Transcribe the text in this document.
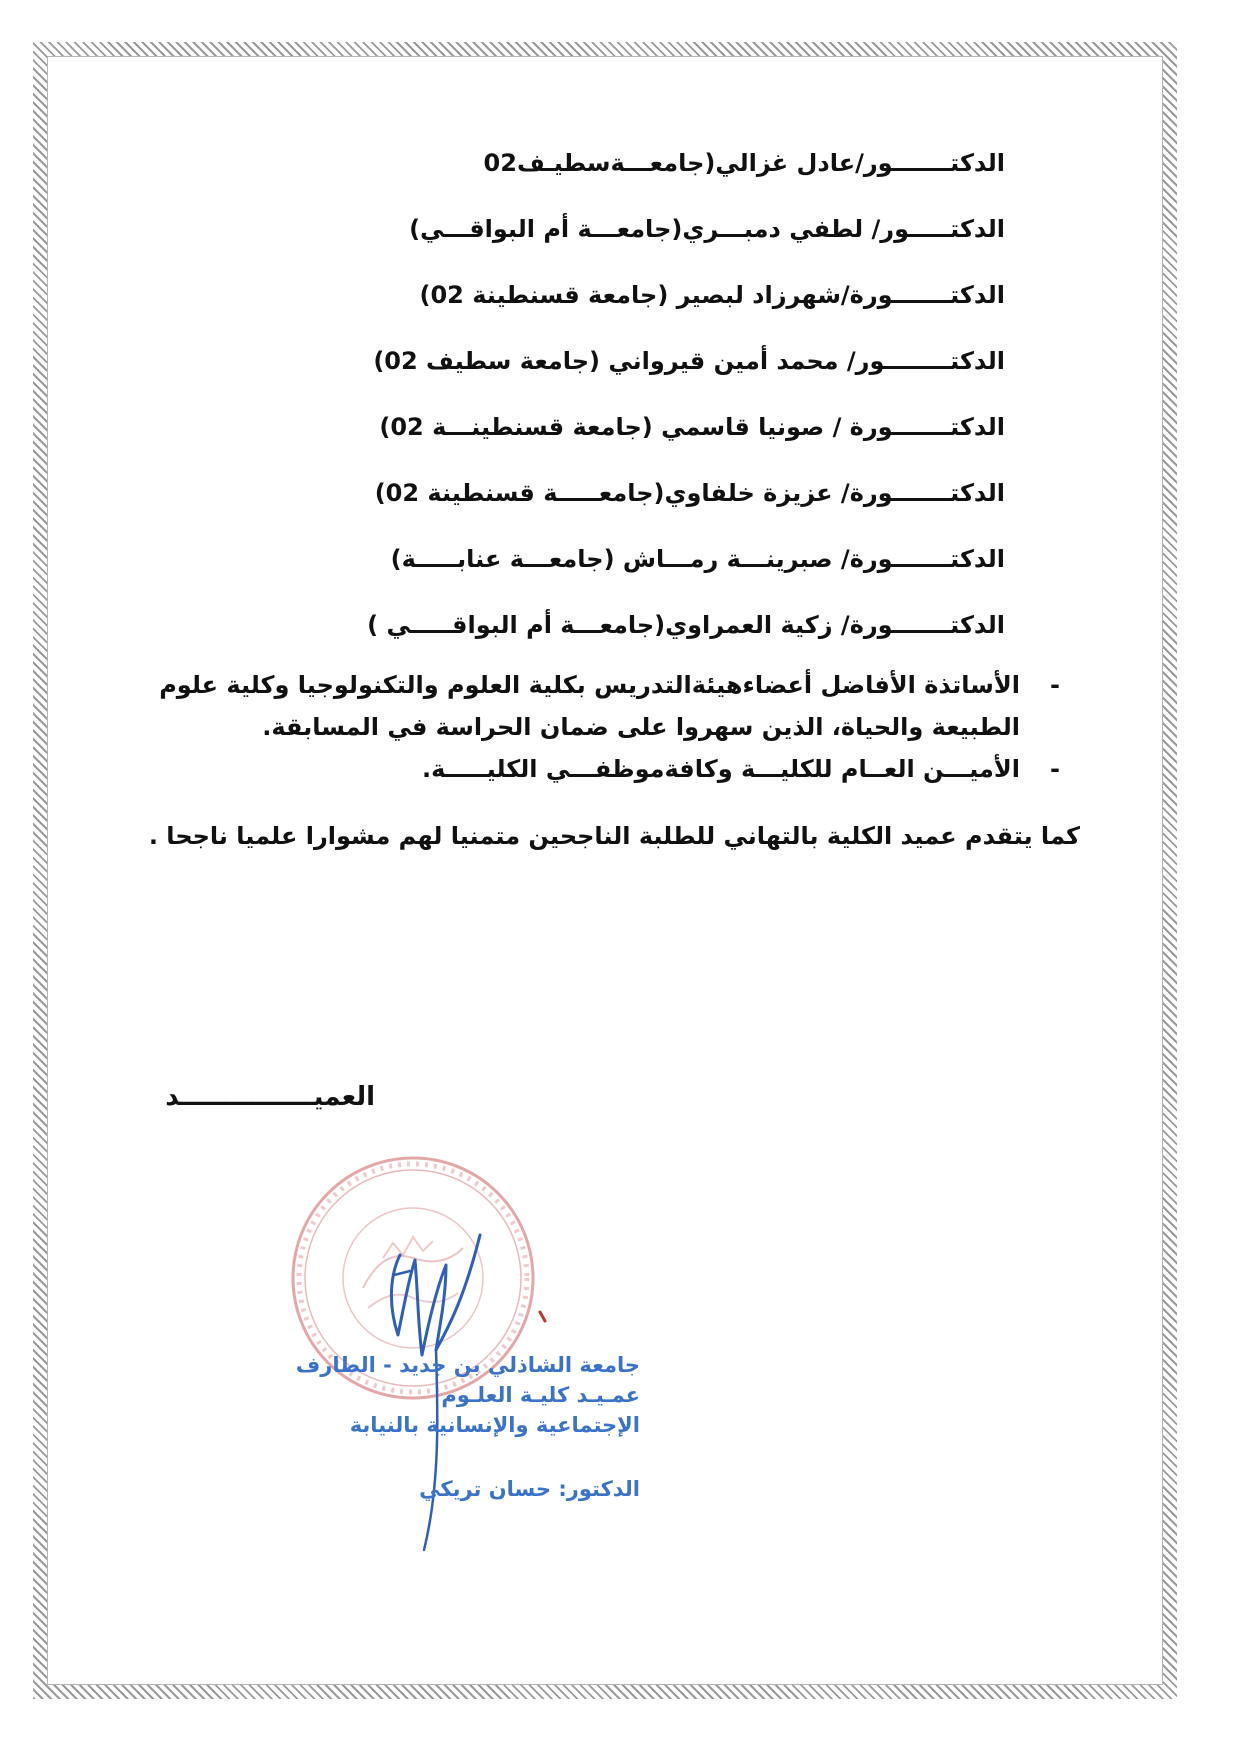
الدكتـــــــور/عادل غزالي(جامعـــةسطيـف02
الدكتـــــور/ لطفي دمبـــري(جامعـــة أم البواقـــي)
الدكتـــــــورة/شهرزاد لبصير (جامعة قسنطينة 02)
الدكتــــــــور/ محمد أمين قيرواني (جامعة سطيف 02)
الدكتـــــــورة / صونيا قاسمي (جامعة قسنطينـــة 02)
الدكتـــــــورة/ عزيزة خلفاوي(جامعـــــة قسنطينة 02)
الدكتـــــــورة/ صبرينـــة رمـــاش (جامعـــة عنابـــــة)
الدكتـــــــورة/ زكية العمراوي(جامعـــة أم البواقـــــي )
-
الأساتذة الأفاضل أعضاءهيئةالتدريس بكلية العلوم والتكنولوجيا وكلية علوم الطبيعة والحياة، الذين سهروا على ضمان الحراسة في المسابقة.
-
الأميـــن العــام للكليـــة وكافةموظفـــي الكليـــــة.
كما يتقدم عميد الكلية بالتهاني للطلبة الناجحين متمنيا لهم مشوارا علميا ناجحا .
العميـــــــــــــــد
جامعة الشاذلي بن جديد - الطارف
عمـيـد كليـة العلـوم
الإجتماعية والإنسانية بالنيابة
الدكتور: حسان تريكي
